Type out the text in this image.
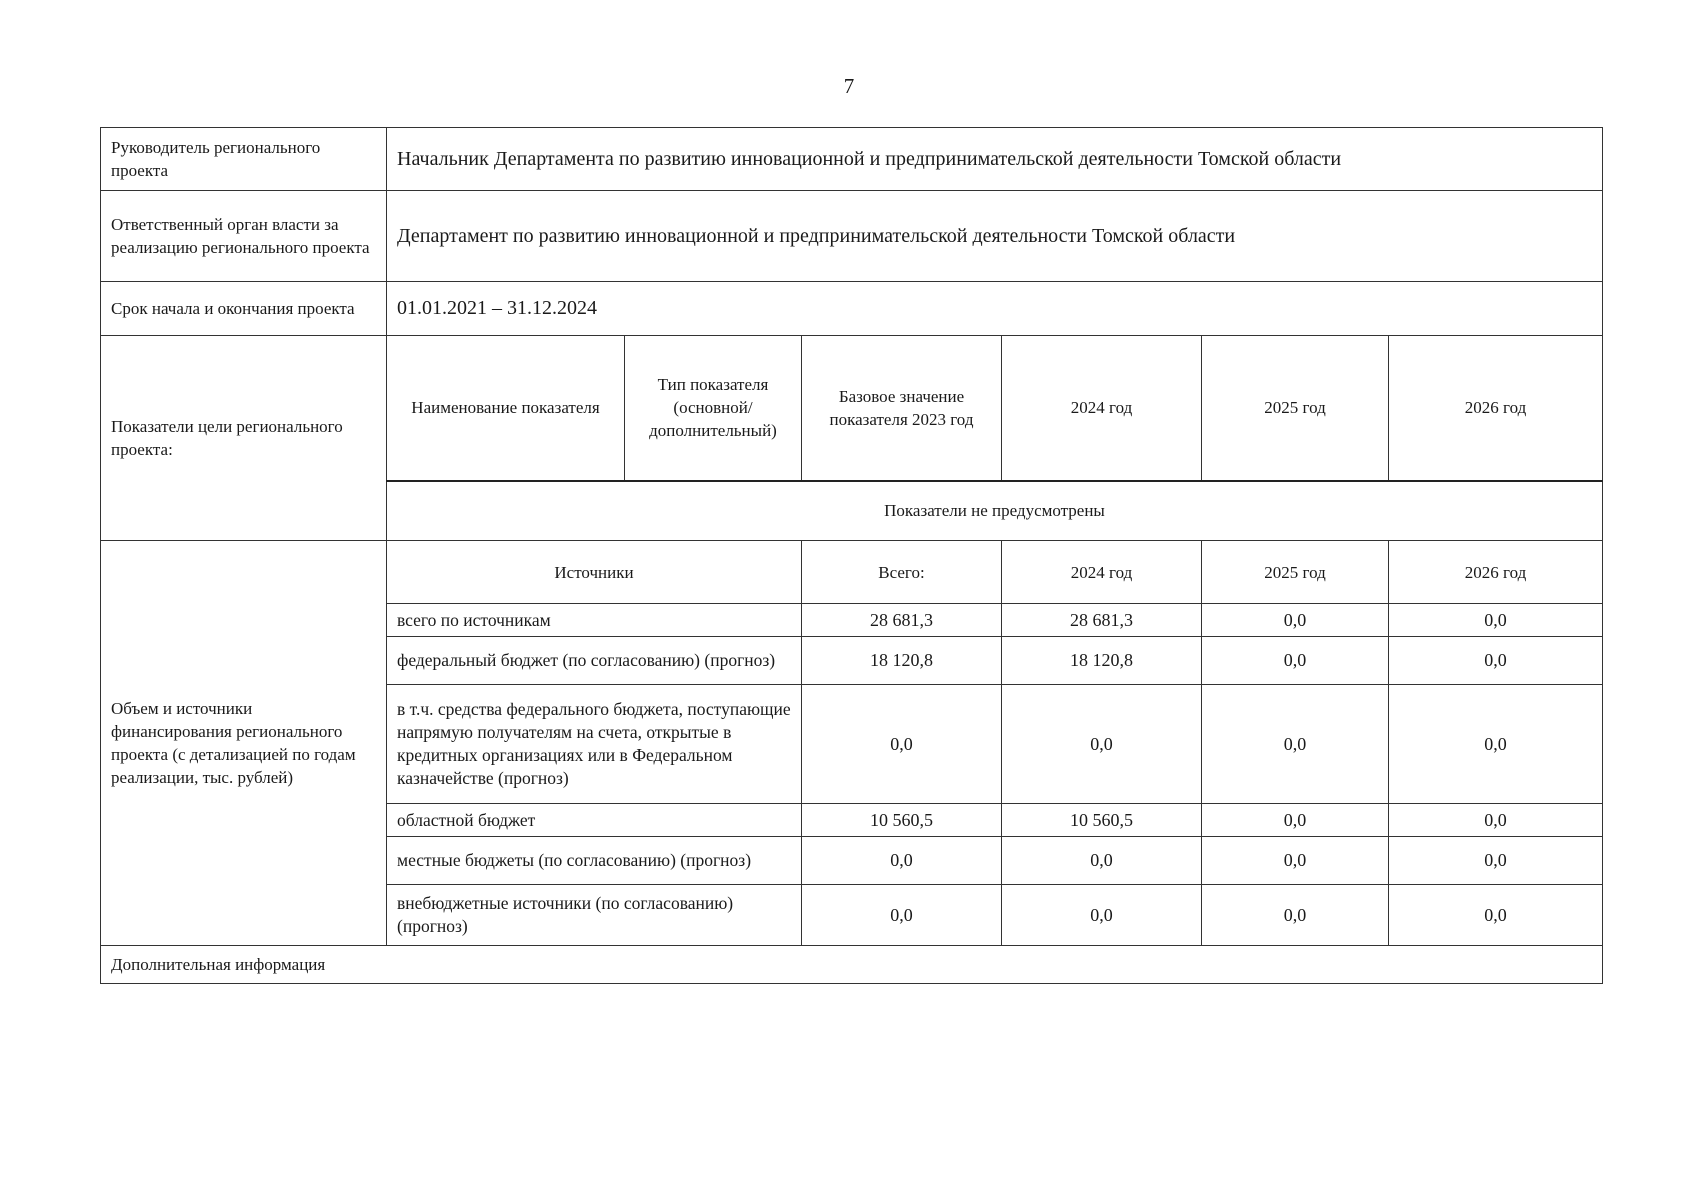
7
Руководитель регионального проекта	Начальник Департамента по развитию инновационной и предпринимательской деятельности Томской области					
Ответственный орган власти за реализацию регионального проекта	Департамент по развитию инновационной и предпринимательской деятельности Томской области					
Срок начала и окончания проекта	01.01.2021 – 31.12.2024					
Показатели цели регионального проекта:	Наименование показателя	Тип показателя (основной/ дополнительный)	Базовое значение показателя 2023 год	2024 год	2025 год	2026 год
	Показатели не предусмотрены					
Объем и источники финансирования регионального проекта (с детализацией по годам реализации, тыс. рублей)	Источники		Всего:	2024 год	2025 год	2026 год
	всего по источникам		28 681,3	28 681,3	0,0	0,0
	федеральный бюджет (по согласованию) (прогноз)		18 120,8	18 120,8	0,0	0,0
	в т.ч. средства федерального бюджета, поступающие напрямую получателям на счета, открытые в кредитных организациях или в Федеральном казначействе (прогноз)		0,0	0,0	0,0	0,0
	областной бюджет		10 560,5	10 560,5	0,0	0,0
	местные бюджеты (по согласованию) (прогноз)		0,0	0,0	0,0	0,0
	внебюджетные источники (по согласованию) (прогноз)		0,0	0,0	0,0	0,0
Дополнительная информация						
